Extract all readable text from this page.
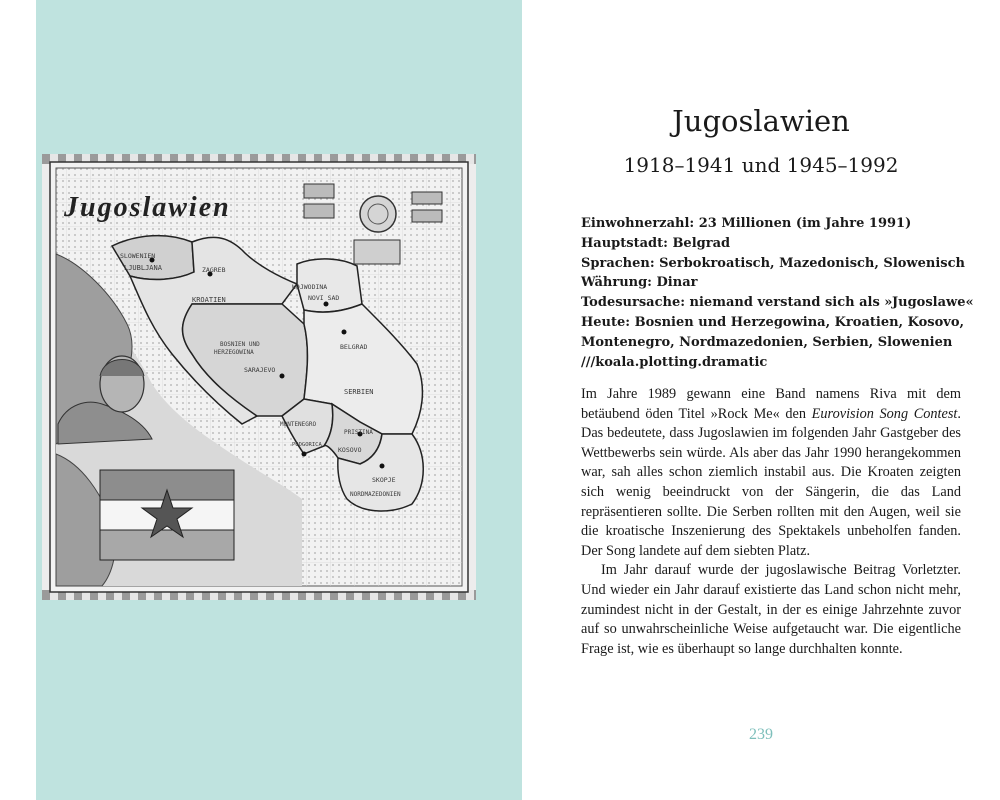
Jugoslawien
SLOWENIEN
LJUBLJANA	ZAGREB
KROATIEN
BOSNIEN UND
HERZEGOWINA
WOJWODINA
NOVI SAD
BELGRAD
SARAJEVO
SERBIEN
MONTENEGRO
PODGORICA
PRISTINA
KOSOVO
SKOPJE
NORDMAZEDONIEN
Jugoslawien
1918–1941 und 1945–1992
Einwohnerzahl: 23 Millionen (im Jahre 1991)
Hauptstadt: Belgrad
Sprachen: Serbokroatisch, Mazedonisch, Slowenisch
Währung: Dinar
Todesursache: niemand verstand sich als »Jugoslawe«
Heute: Bosnien und Herzegowina, Kroatien, Kosovo,
Montenegro, Nordmazedonien, Serbien, Slowenien
///koala.plotting.dramatic

Im Jahre 1989 gewann eine Band namens Riva mit dem betäubend öden Titel »Rock Me« den Eurovision Song Contest. Das bedeutete, dass Jugoslawien im folgenden Jahr Gastgeber des Wettbewerbs sein würde. Als aber das Jahr 1990 herangekommen war, sah alles schon ziemlich instabil aus. Die Kroaten zeigten sich wenig beeindruckt von der Sängerin, die das Land repräsentieren sollte. Die Serben rollten mit den Augen, weil sie die kroatische Inszenierung des Spektakels unbeholfen fanden. Der Song landete auf dem siebten Platz.

Im Jahr darauf wurde der jugoslawische Beitrag Vorletzter. Und wieder ein Jahr darauf existierte das Land schon nicht mehr, zumindest nicht in der Gestalt, in der es einige Jahrzehnte zuvor auf so unwahrscheinliche Weise aufgetaucht war. Die eigentliche Frage ist, wie es überhaupt so lange durchhalten konnte.

239
